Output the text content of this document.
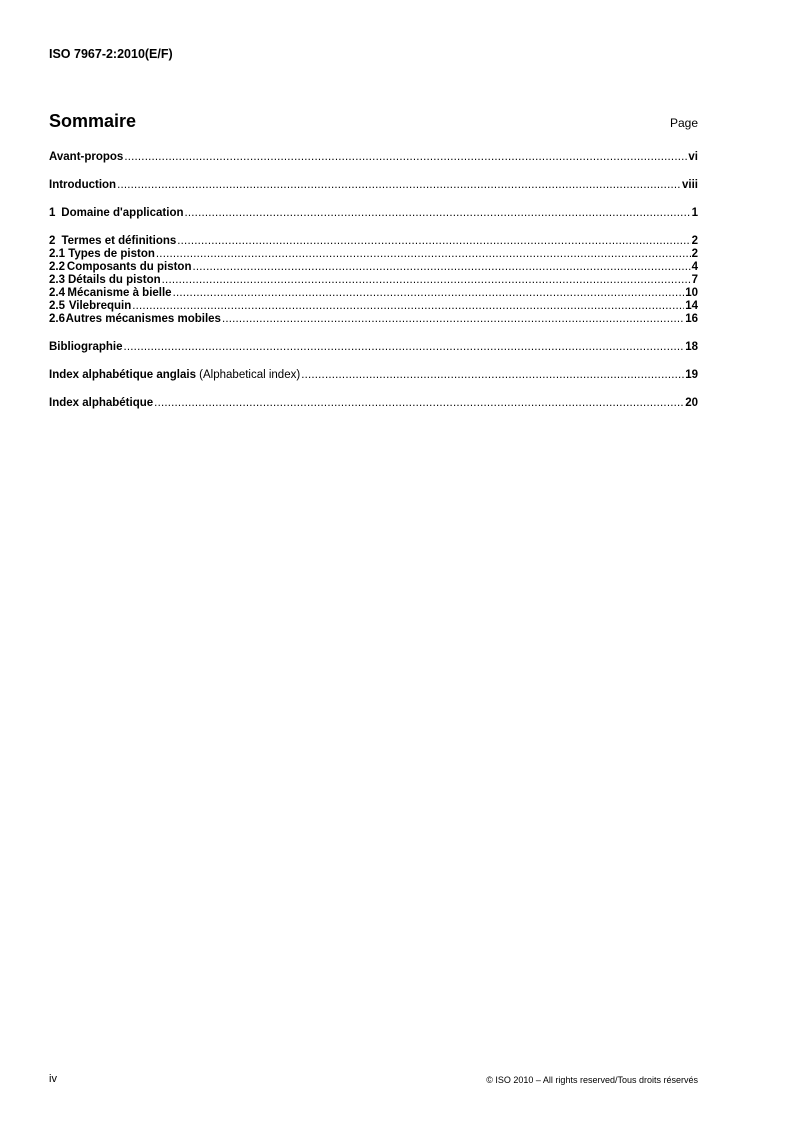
ISO 7967-2:2010(E/F)
Sommaire	Page
Avant-propos .....	vi
Introduction .....	viii
1 Domaine d'application .....	1
2 Termes et définitions .....	2
2.1 Types de piston .....	2
2.2 Composants du piston .....	4
2.3 Détails du piston .....	7
2.4 Mécanisme à bielle .....	10
2.5 Vilebrequin .....	14
2.6 Autres mécanismes mobiles .....	16
Bibliographie .....	18
Index alphabétique anglais (Alphabetical index) .....	19
Index alphabétique .....	20
iv	© ISO 2010 – All rights reserved/Tous droits réservés
